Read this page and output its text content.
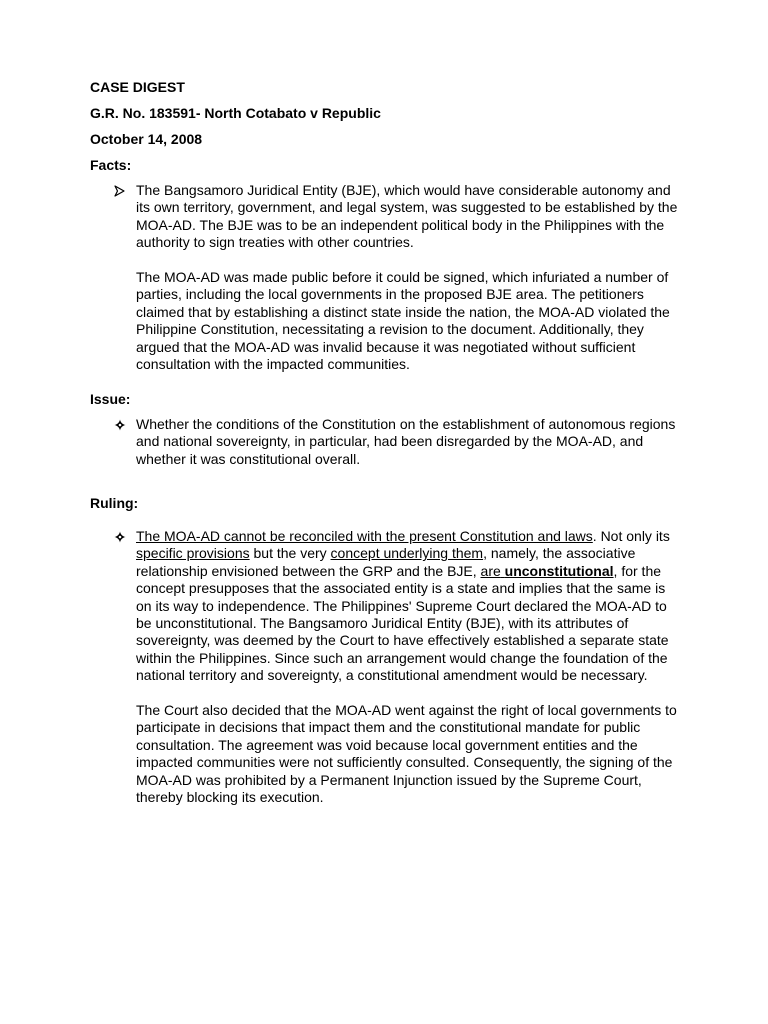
CASE DIGEST
G.R. No. 183591- North Cotabato v Republic
October 14, 2008
Facts:

The Bangsamoro Juridical Entity (BJE), which would have considerable autonomy and its own territory, government, and legal system, was suggested to be established by the MOA-AD. The BJE was to be an independent political body in the Philippines with the authority to sign treaties with other countries.

The MOA-AD was made public before it could be signed, which infuriated a number of parties, including the local governments in the proposed BJE area. The petitioners claimed that by establishing a distinct state inside the nation, the MOA-AD violated the Philippine Constitution, necessitating a revision to the document. Additionally, they argued that the MOA-AD was invalid because it was negotiated without sufficient consultation with the impacted communities.

Issue:

Whether the conditions of the Constitution on the establishment of autonomous regions and national sovereignty, in particular, had been disregarded by the MOA-AD, and whether it was constitutional overall.

Ruling:

The MOA-AD cannot be reconciled with the present Constitution and laws. Not only its specific provisions but the very concept underlying them, namely, the associative relationship envisioned between the GRP and the BJE, are unconstitutional, for the concept presupposes that the associated entity is a state and implies that the same is on its way to independence. The Philippines' Supreme Court declared the MOA-AD to be unconstitutional. The Bangsamoro Juridical Entity (BJE), with its attributes of sovereignty, was deemed by the Court to have effectively established a separate state within the Philippines. Since such an arrangement would change the foundation of the national territory and sovereignty, a constitutional amendment would be necessary.

The Court also decided that the MOA-AD went against the right of local governments to participate in decisions that impact them and the constitutional mandate for public consultation. The agreement was void because local government entities and the impacted communities were not sufficiently consulted. Consequently, the signing of the MOA-AD was prohibited by a Permanent Injunction issued by the Supreme Court, thereby blocking its execution.
